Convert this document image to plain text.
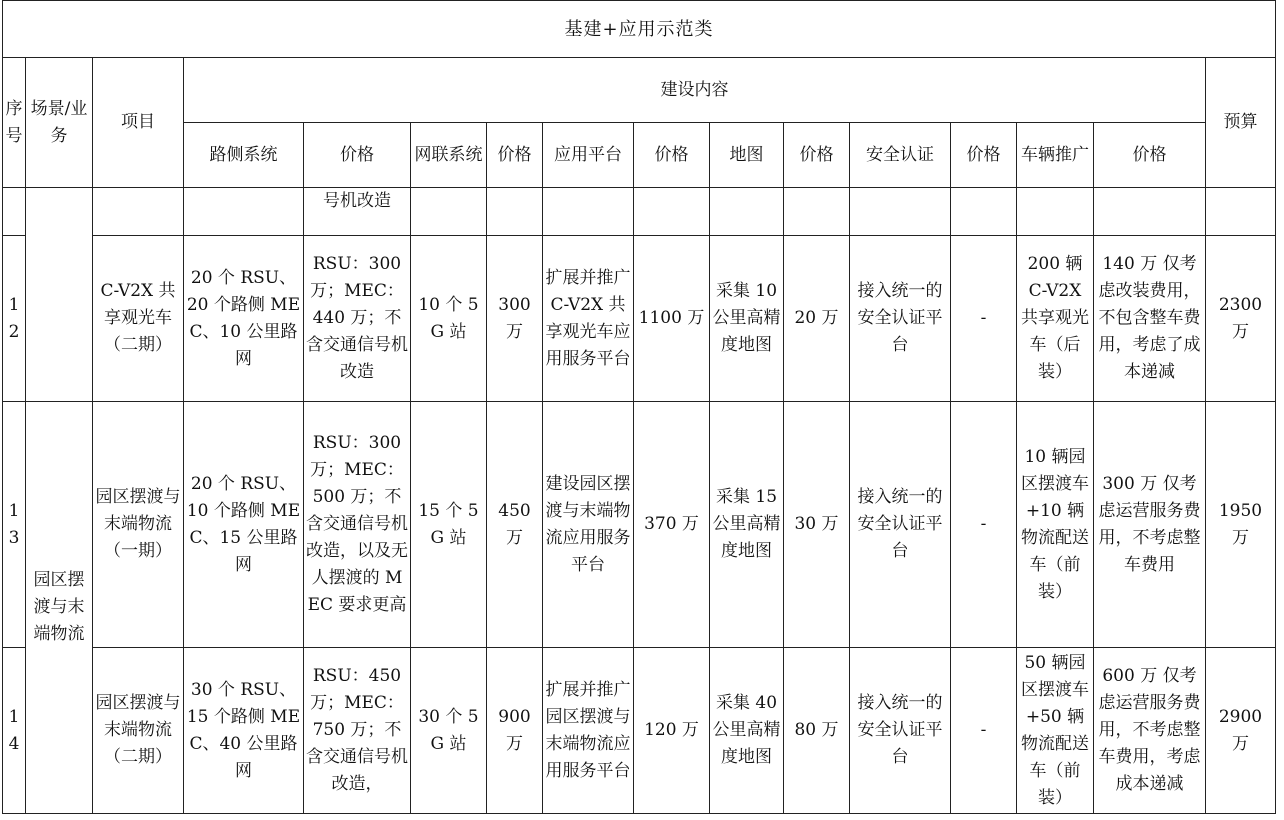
基建+应用示范类															
序号	场景/业务	项目	建设内容												预算
			路侧系统	价格	网联系统	价格	应用平台	价格	地图	价格	安全认证	价格	车辆推广	价格	
				号机改造											
12		C-V2X 共享观光车（二期）	20 个 RSU、20 个路侧 MEC、10 公里路网	RSU：300 万；MEC：440 万；不含交通信号机改造	10 个 5G 站	300 万	扩展并推广 C-V2X 共享观光车应用服务平台	1100 万	采集 10 公里高精度地图	20 万	接入统一的安全认证平台	-	200 辆 C-V2X 共享观光车（后装）	140 万 仅考虑改装费用，不包含整车费用，考虑了成本递减	2300 万
13	园区摆渡与末端物流	园区摆渡与末端物流（一期）	20 个 RSU、10 个路侧 MEC、15 公里路网	RSU：300 万；MEC：500 万；不含交通信号机改造，以及无人摆渡的 MEC 要求更高	15 个 5G 站	450 万	建设园区摆渡与末端物流应用服务平台	370 万	采集 15 公里高精度地图	30 万	接入统一的安全认证平台	-	10 辆园区摆渡车+10 辆物流配送车（前装）	300 万 仅考虑运营服务费用，不考虑整车费用	1950 万
14		园区摆渡与末端物流（二期）	30 个 RSU、15 个路侧 MEC、40 公里路网	RSU：450 万；MEC：750 万；不含交通信号机改造，	30 个 5G 站	900 万	扩展并推广园区摆渡与末端物流应用服务平台	120 万	采集 40 公里高精度地图	80 万	接入统一的安全认证平台	-	50 辆园区摆渡车+50 辆物流配送车（前装）	600 万 仅考虑运营服务费用，不考虑整车费用，考虑成本递减	2900 万
